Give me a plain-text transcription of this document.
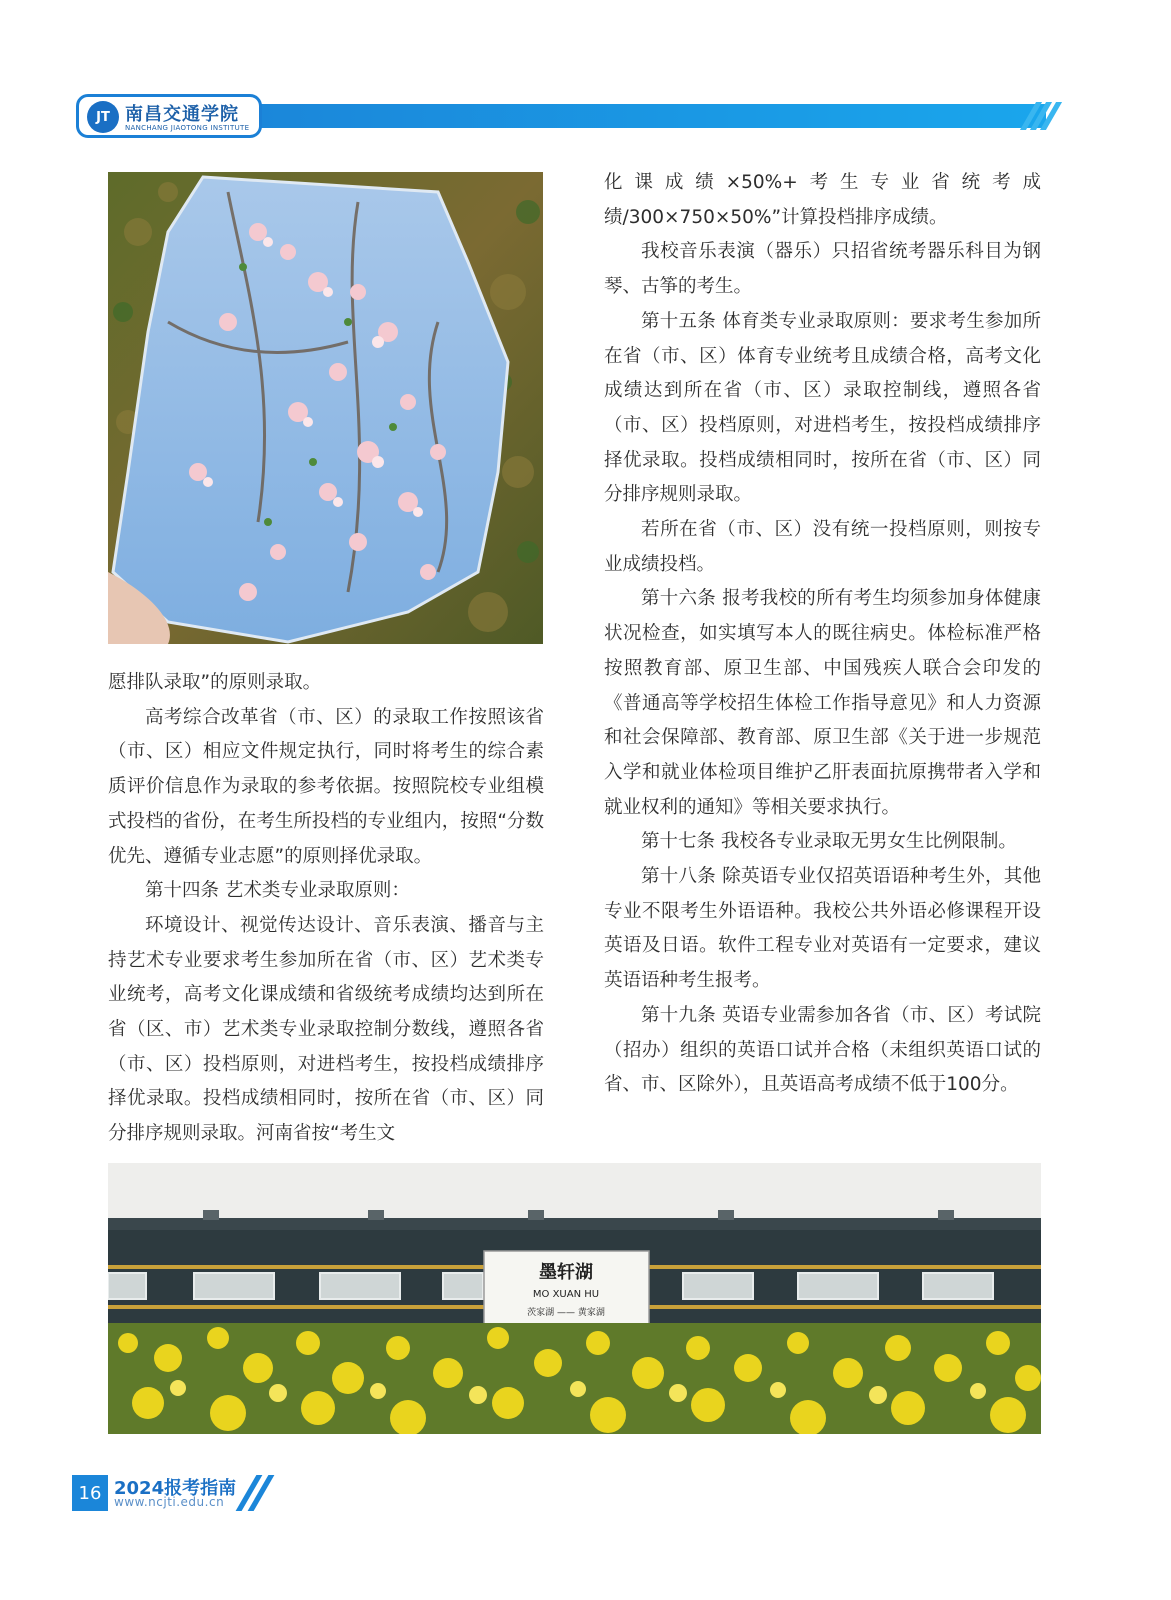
JT 南昌交通学院
NANCHANG JIAOTONG INSTITUTE

愿排队录取”的原则录取。

高考综合改革省（市、区）的录取工作按照该省（市、区）相应文件规定执行，同时将考生的综合素质评价信息作为录取的参考依据。按照院校专业组模式投档的省份，在考生所投档的专业组内，按照“分数优先、遵循专业志愿”的原则择优录取。

第十四条 艺术类专业录取原则：

环境设计、视觉传达设计、音乐表演、播音与主持艺术专业要求考生参加所在省（市、区）艺术类专业统考，高考文化课成绩和省级统考成绩均达到所在省（区、市）艺术类专业录取控制分数线，遵照各省（市、区）投档原则，对进档考生，按投档成绩排序择优录取。投档成绩相同时，按所在省（市、区）同分排序规则录取。河南省按“考生文

化课成绩×50%+考生专业省统考成绩/300×750×50%”计算投档排序成绩。

我校音乐表演（器乐）只招省统考器乐科目为钢琴、古筝的考生。

第十五条 体育类专业录取原则：要求考生参加所在省（市、区）体育专业统考且成绩合格，高考文化成绩达到所在省（市、区）录取控制线，遵照各省（市、区）投档原则，对进档考生，按投档成绩排序择优录取。投档成绩相同时，按所在省（市、区）同分排序规则录取。

若所在省（市、区）没有统一投档原则，则按专业成绩投档。

第十六条 报考我校的所有考生均须参加身体健康状况检查，如实填写本人的既往病史。体检标准严格按照教育部、原卫生部、中国残疾人联合会印发的《普通高等学校招生体检工作指导意见》和人力资源和社会保障部、教育部、原卫生部《关于进一步规范入学和就业体检项目维护乙肝表面抗原携带者入学和就业权利的通知》等相关要求执行。

第十七条 我校各专业录取无男女生比例限制。

第十八条 除英语专业仅招英语语种考生外，其他专业不限考生外语语种。我校公共外语必修课程开设英语及日语。软件工程专业对英语有一定要求，建议英语语种考生报考。

第十九条 英语专业需参加各省（市、区）考试院（招办）组织的英语口试并合格（未组织英语口试的省、市、区除外），且英语高考成绩不低于100分。

墨轩湖
MO XUAN HU
茨家湖 —— 黄家湖
16 2024报考指南
www.ncjti.edu.cn
